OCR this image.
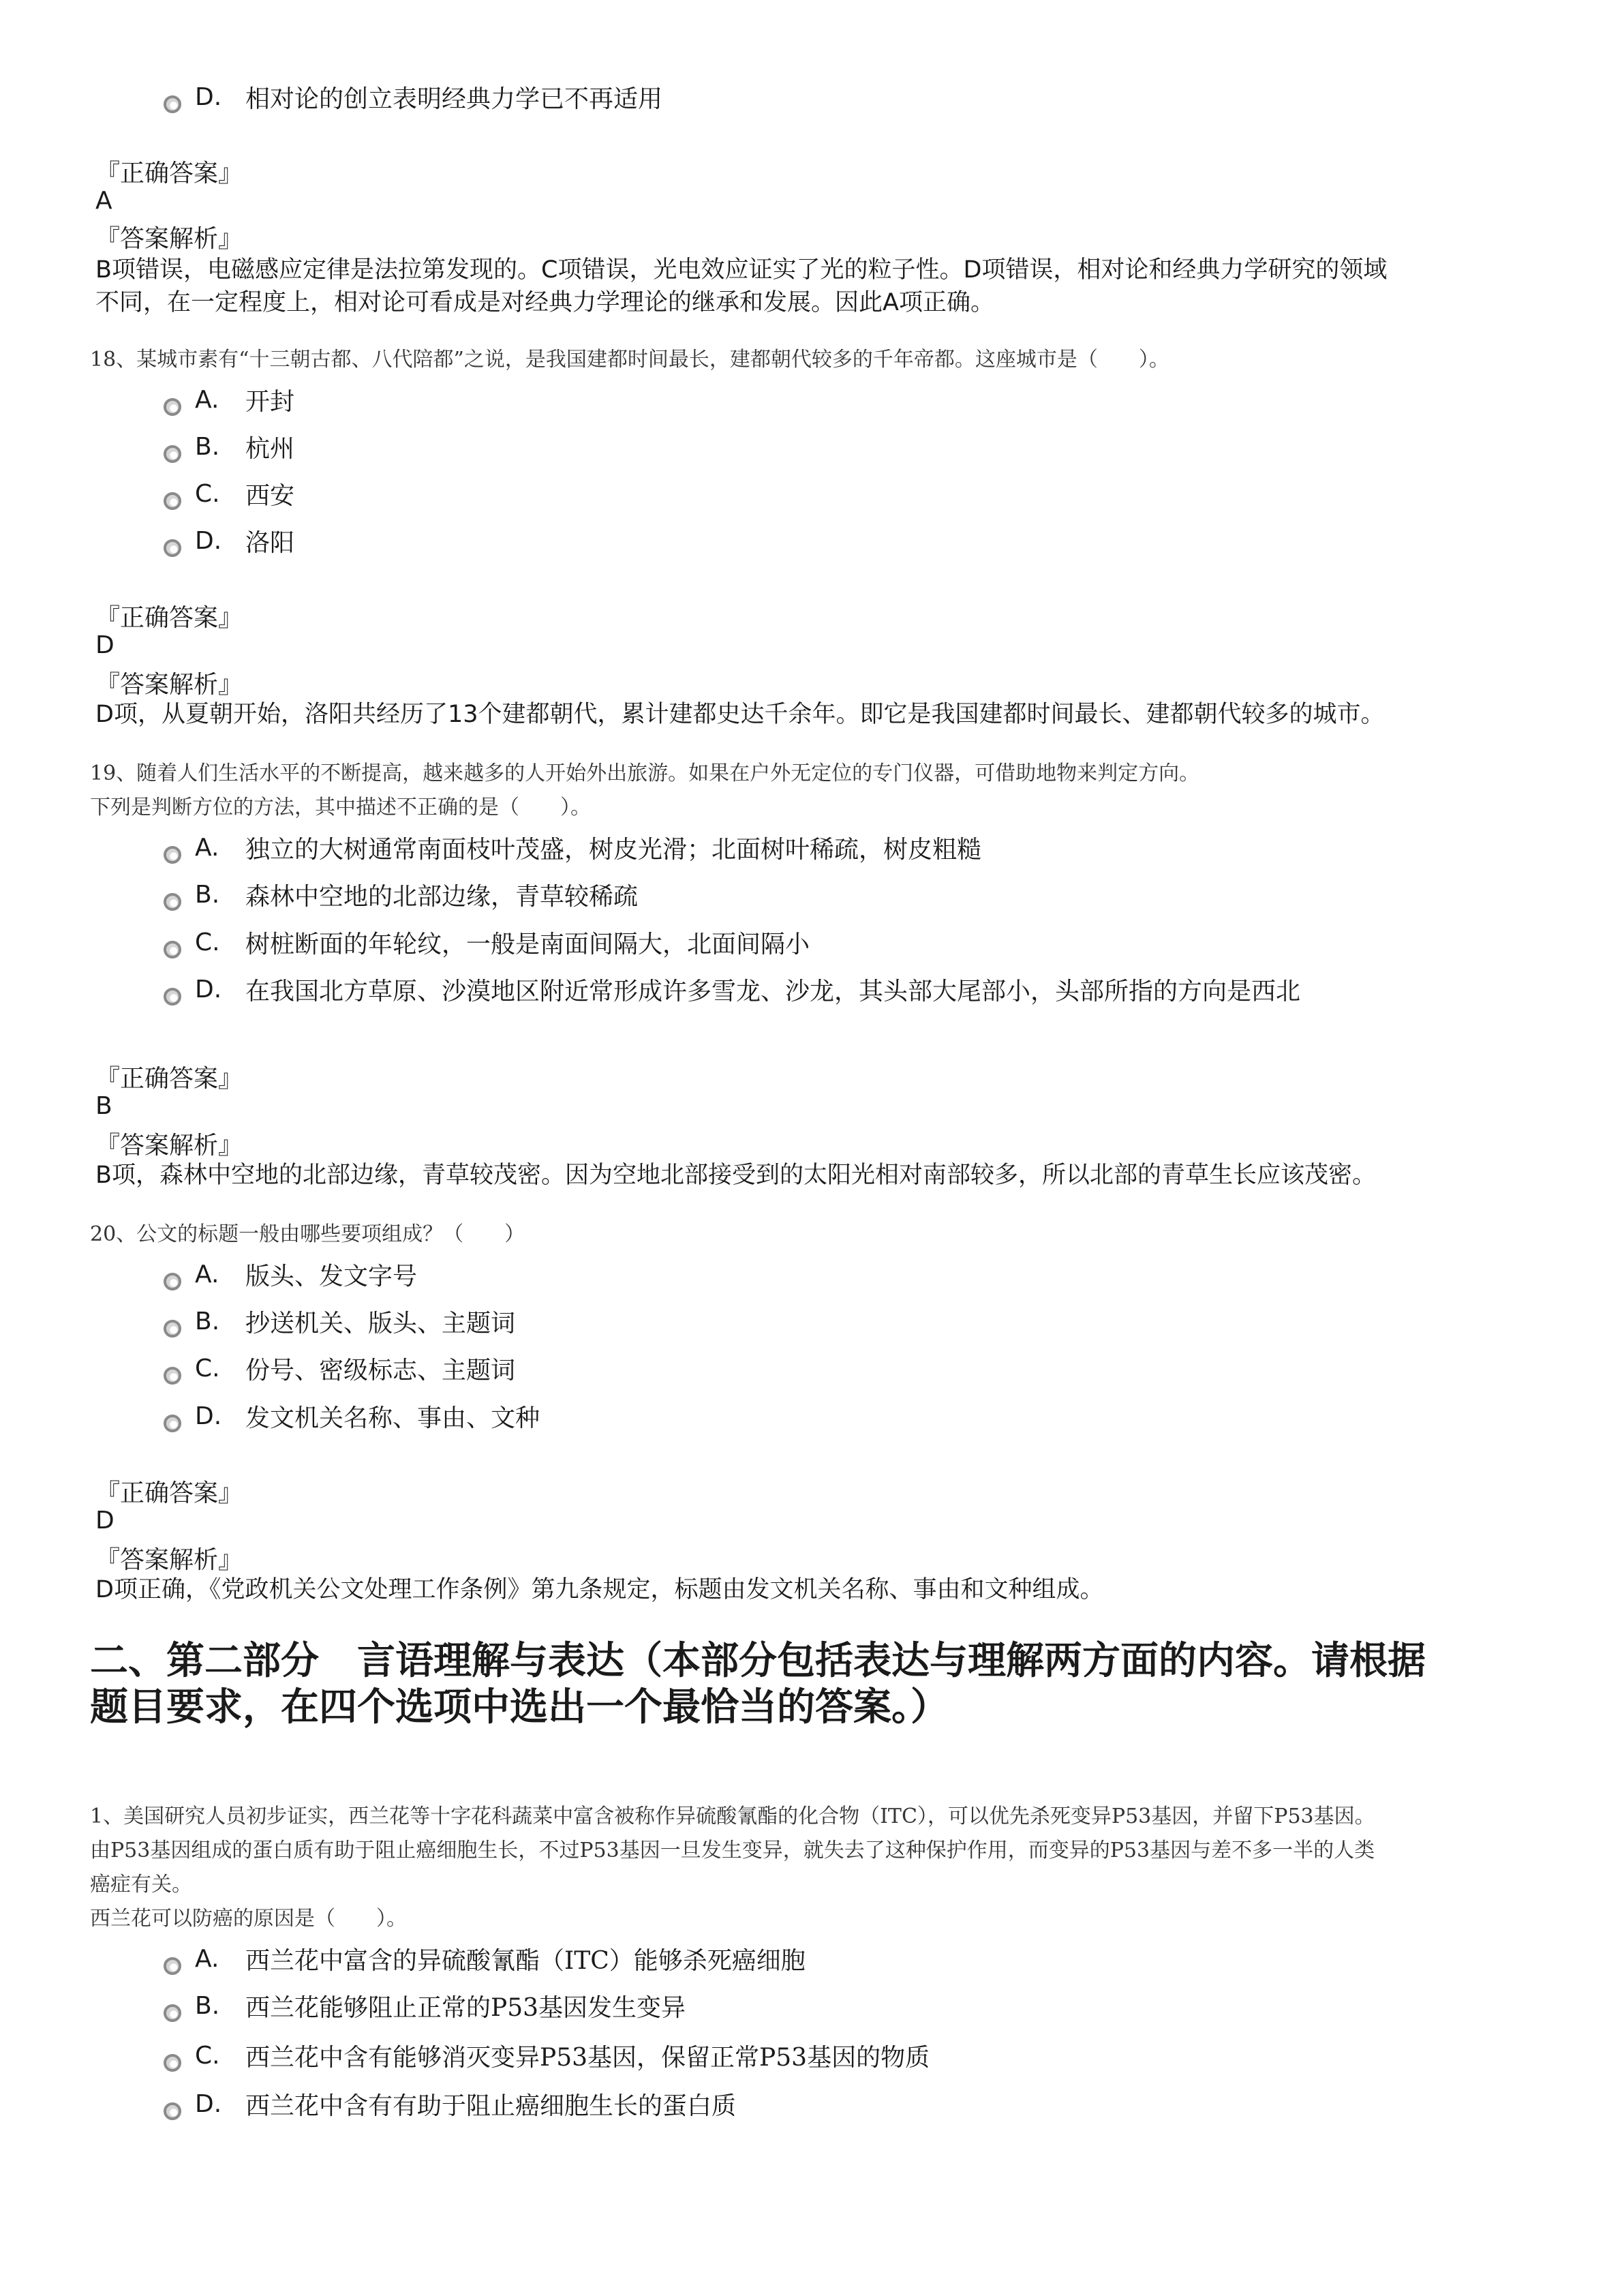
D. 相对论的创立表明经典力学已不再适用
『正确答案』
A
『答案解析』
B项错误，电磁感应定律是法拉第发现的。C项错误，光电效应证实了光的粒子性。D项错误，相对论和经典力学研究的领域
不同，在一定程度上，相对论可看成是对经典力学理论的继承和发展。因此A项正确。
18、某城市素有“十三朝古都、八代陪都”之说，是我国建都时间最长，建都朝代较多的千年帝都。这座城市是（　　）。
A.	开封
B.	杭州
C.	西安
D. 洛阳
『正确答案』
D
『答案解析』
D项，从夏朝开始，洛阳共经历了13个建都朝代，累计建都史达千余年。即它是我国建都时间最长、建都朝代较多的城市。
19、随着人们生活水平的不断提高，越来越多的人开始外出旅游。如果在户外无定位的专门仪器，可借助地物来判定方向。
下列是判断方位的方法，其中描述不正确的是（　　）。
A.	独立的大树通常南面枝叶茂盛，树皮光滑；北面树叶稀疏，树皮粗糙
B.	森林中空地的北部边缘，青草较稀疏
C.	树桩断面的年轮纹，一般是南面间隔大，北面间隔小
D. 在我国北方草原、沙漠地区附近常形成许多雪龙、沙龙，其头部大尾部小，头部所指的方向是西北
『正确答案』
B
『答案解析』
B项，森林中空地的北部边缘，青草较茂密。因为空地北部接受到的太阳光相对南部较多，所以北部的青草生长应该茂密。
20、公文的标题一般由哪些要项组成？（　　）
A.	版头、发文字号
B.	抄送机关、版头、主题词
C.	份号、密级标志、主题词
D. 发文机关名称、事由、文种
『正确答案』
D
『答案解析』
D项正确，《党政机关公文处理工作条例》第九条规定，标题由发文机关名称、事由和文种组成。
二、第二部分　言语理解与表达（本部分包括表达与理解两方面的内容。请根据
题目要求，在四个选项中选出一个最恰当的答案。）
1、美国研究人员初步证实，西兰花等十字花科蔬菜中富含被称作异硫酸氰酯的化合物（ITC），可以优先杀死变异P53基因，并留下P53基因。
由P53基因组成的蛋白质有助于阻止癌细胞生长，不过P53基因一旦发生变异，就失去了这种保护作用，而变异的P53基因与差不多一半的人类
癌症有关。
西兰花可以防癌的原因是（　　）。
A.	西兰花中富含的异硫酸氰酯（ITC）能够杀死癌细胞
B.	西兰花能够阻止正常的P53基因发生变异
C.	西兰花中含有能够消灭变异P53基因，保留正常P53基因的物质
D. 西兰花中含有有助于阻止癌细胞生长的蛋白质
